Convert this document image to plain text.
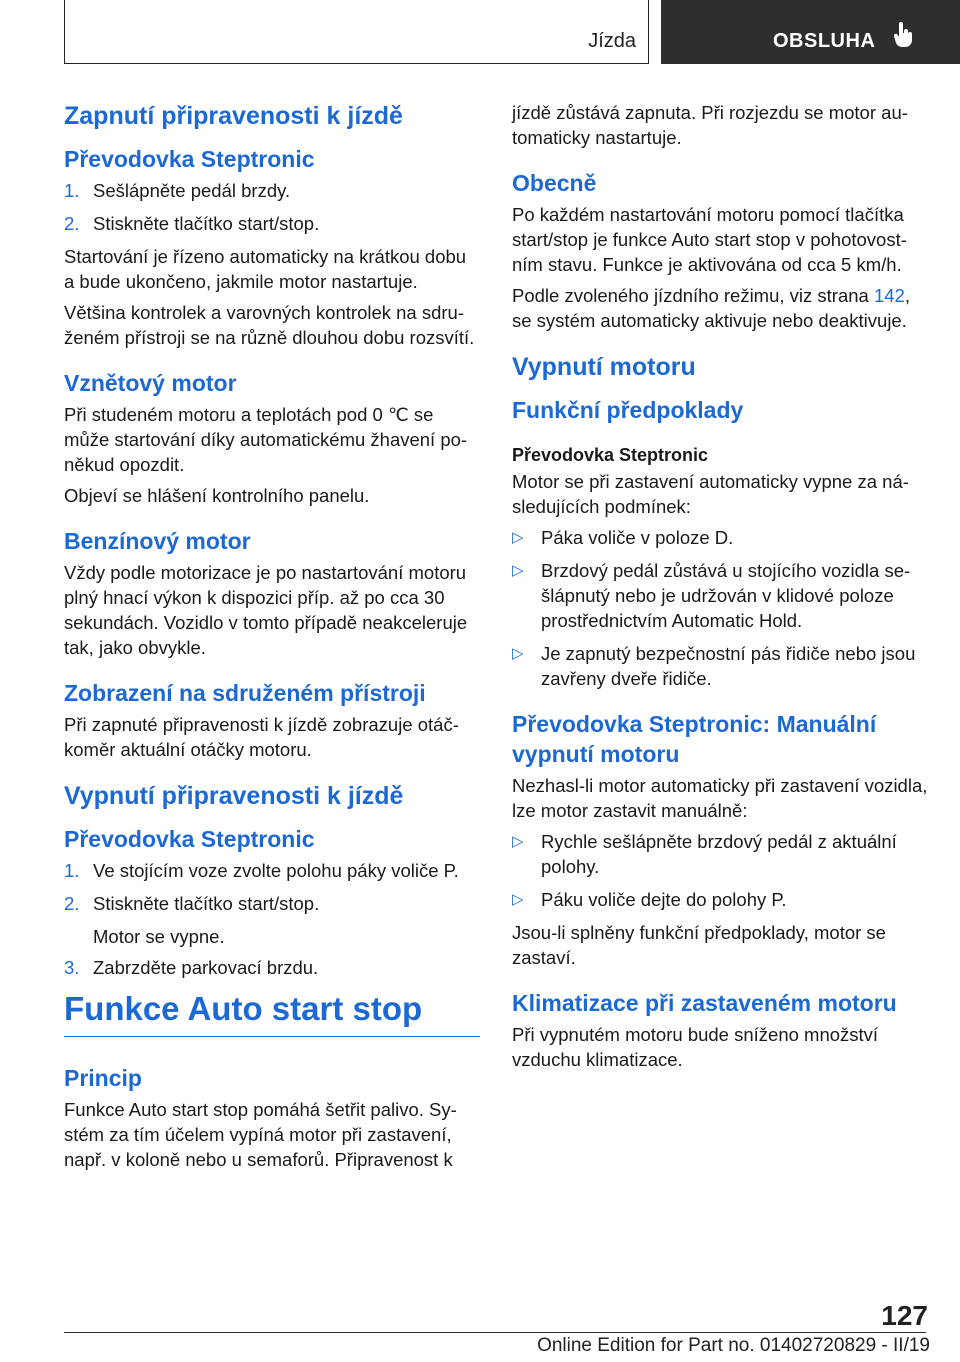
Jízda	OBSLUHA
Zapnutí připravenosti k jízdě
Převodovka Steptronic
1. Sešlápněte pedál brzdy.
2. Stiskněte tlačítko start/stop.

Startování je řízeno automaticky na krátkou dobu a bude ukončeno, jakmile motor nastartuje.

Většina kontrolek a varovných kontrolek na sdruženém přístroji se na různě dlouhou dobu rozsvítí.

Vznětový motor

Při studeném motoru a teplotách pod 0 ℃ se může startování díky automatickému žhavení poněkud opozdit.

Objeví se hlášení kontrolního panelu.

Benzínový motor

Vždy podle motorizace je po nastartování motoru plný hnací výkon k dispozici příp. až po cca 30 sekundách. Vozidlo v tomto případě neakceleruje tak, jako obvykle.

Zobrazení na sdruženém přístroji

Při zapnuté připravenosti k jízdě zobrazuje otáčkoměr aktuální otáčky motoru.

Vypnutí připravenosti k jízdě
Převodovka Steptronic
1. Ve stojícím voze zvolte polohu páky voliče P.
2. Stiskněte tlačítko start/stop.

Motor se vypne.

3. Zabrzděte parkovací brzdu.
Funkce Auto start stop
Princip

Funkce Auto start stop pomáhá šetřit palivo. Systém za tím účelem vypíná motor při zastavení, např. v koloně nebo u semaforů. Připravenost k

jízdě zůstává zapnuta. Při rozjezdu se motor automaticky nastartuje.

Obecně

Po každém nastartování motoru pomocí tlačítka start/stop je funkce Auto start stop v pohotovostním stavu. Funkce je aktivována od cca 5 km/h.

Podle zvoleného jízdního režimu, viz strana 142, se systém automaticky aktivuje nebo deaktivuje.

Vypnutí motoru
Funkční předpoklady
Převodovka Steptronic

Motor se při zastavení automaticky vypne za následujících podmínek:

▷ Páka voliče v poloze D.
▷ Brzdový pedál zůstává u stojícího vozidla sešlápnutý nebo je udržován v klidové poloze prostřednictvím Automatic Hold.
▷ Je zapnutý bezpečnostní pás řidiče nebo jsou zavřeny dveře řidiče.
Převodovka Steptronic: Manuální vypnutí motoru

Nezhasl-li motor automaticky při zastavení vozidla, lze motor zastavit manuálně:

▷ Rychle sešlápněte brzdový pedál z aktuální polohy.
▷ Páku voliče dejte do polohy P.

Jsou-li splněny funkční předpoklady, motor se zastaví.

Klimatizace při zastaveném motoru

Při vypnutém motoru bude sníženo množství vzduchu klimatizace.

127
Online Edition for Part no. 01402720829 - II/19
